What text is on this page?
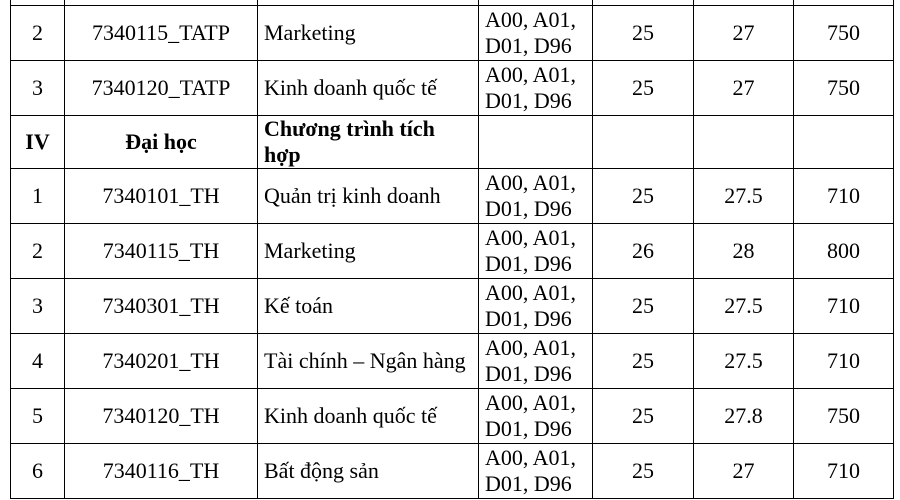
2	7340115_TATP	Marketing	A00, A01, D01, D96	25	27	750
3	7340120_TATP	Kinh doanh quốc tế	A00, A01, D01, D96	25	27	750
IV	Đại học	Chương trình tích hợp				
1	7340101_TH	Quản trị kinh doanh	A00, A01, D01, D96	25	27.5	710
2	7340115_TH	Marketing	A00, A01, D01, D96	26	28	800
3	7340301_TH	Kế toán	A00, A01, D01, D96	25	27.5	710
4	7340201_TH	Tài chính – Ngân hàng	A00, A01, D01, D96	25	27.5	710
5	7340120_TH	Kinh doanh quốc tế	A00, A01, D01, D96	25	27.8	750
6	7340116_TH	Bất động sản	A00, A01, D01, D96	25	27	710
